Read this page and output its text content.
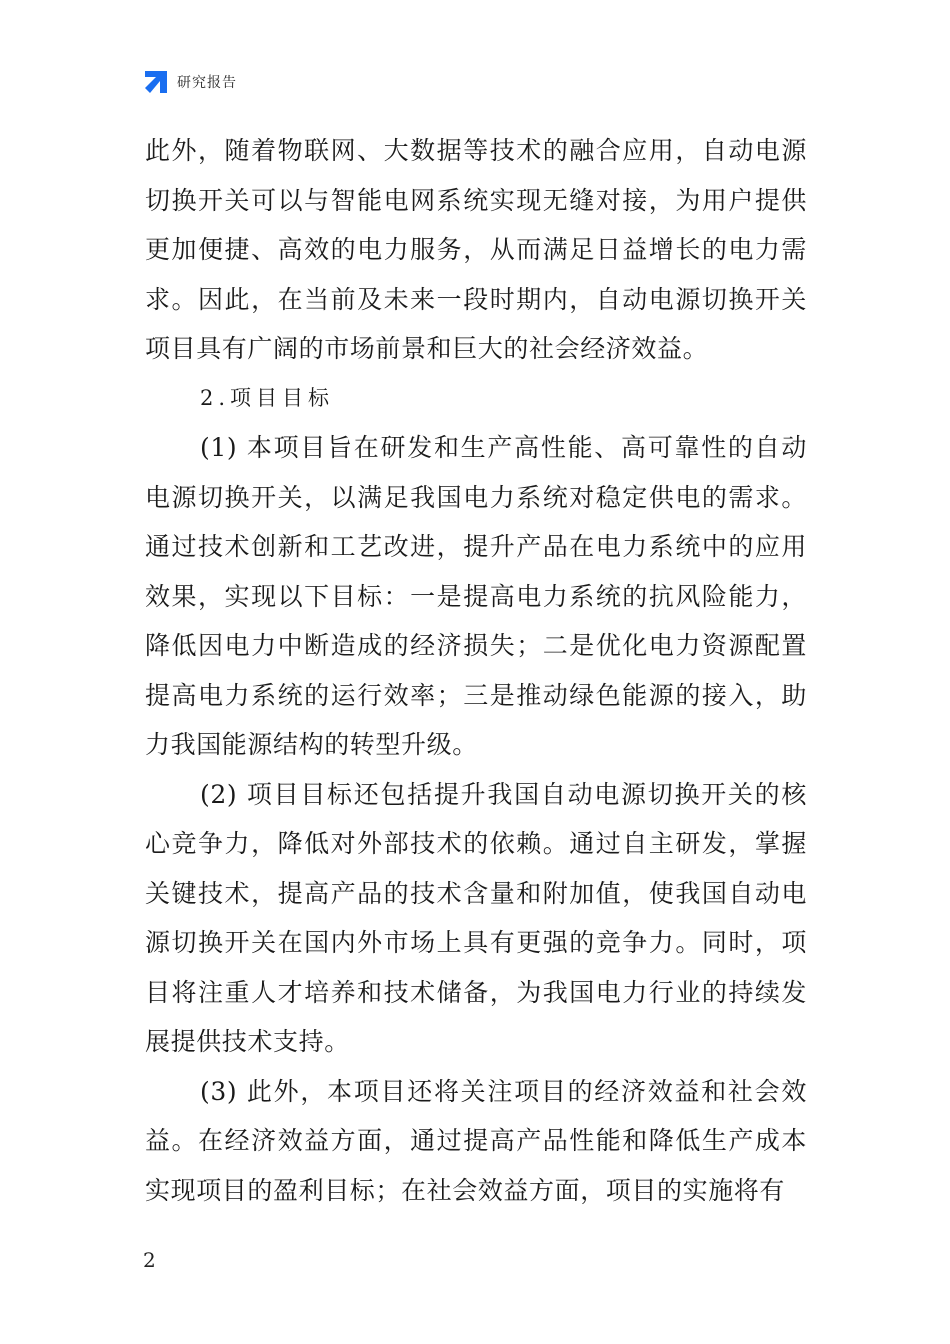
研究报告

此外，随着物联网、大数据等技术的融合应用，自动电源切换开关可以与智能电网系统实现无缝对接，为用户提供更加便捷、高效的电力服务，从而满足日益增长的电力需求。因此，在当前及未来一段时期内，自动电源切换开关项目具有广阔的市场前景和巨大的社会经济效益。

2.项目目标

(1) 本项目旨在研发和生产高性能、高可靠性的自动电源切换开关，以满足我国电力系统对稳定供电的需求。通过技术创新和工艺改进，提升产品在电力系统中的应用效果，实现以下目标：一是提高电力系统的抗风险能力，降低因电力中断造成的经济损失；二是优化电力资源配置提高电力系统的运行效率；三是推动绿色能源的接入，助力我国能源结构的转型升级。

(2) 项目目标还包括提升我国自动电源切换开关的核心竞争力，降低对外部技术的依赖。通过自主研发，掌握关键技术，提高产品的技术含量和附加值，使我国自动电源切换开关在国内外市场上具有更强的竞争力。同时，项目将注重人才培养和技术储备，为我国电力行业的持续发展提供技术支持。

(3) 此外，本项目还将关注项目的经济效益和社会效益。在经济效益方面，通过提高产品性能和降低生产成本实现项目的盈利目标；在社会效益方面，项目的实施将有

2
